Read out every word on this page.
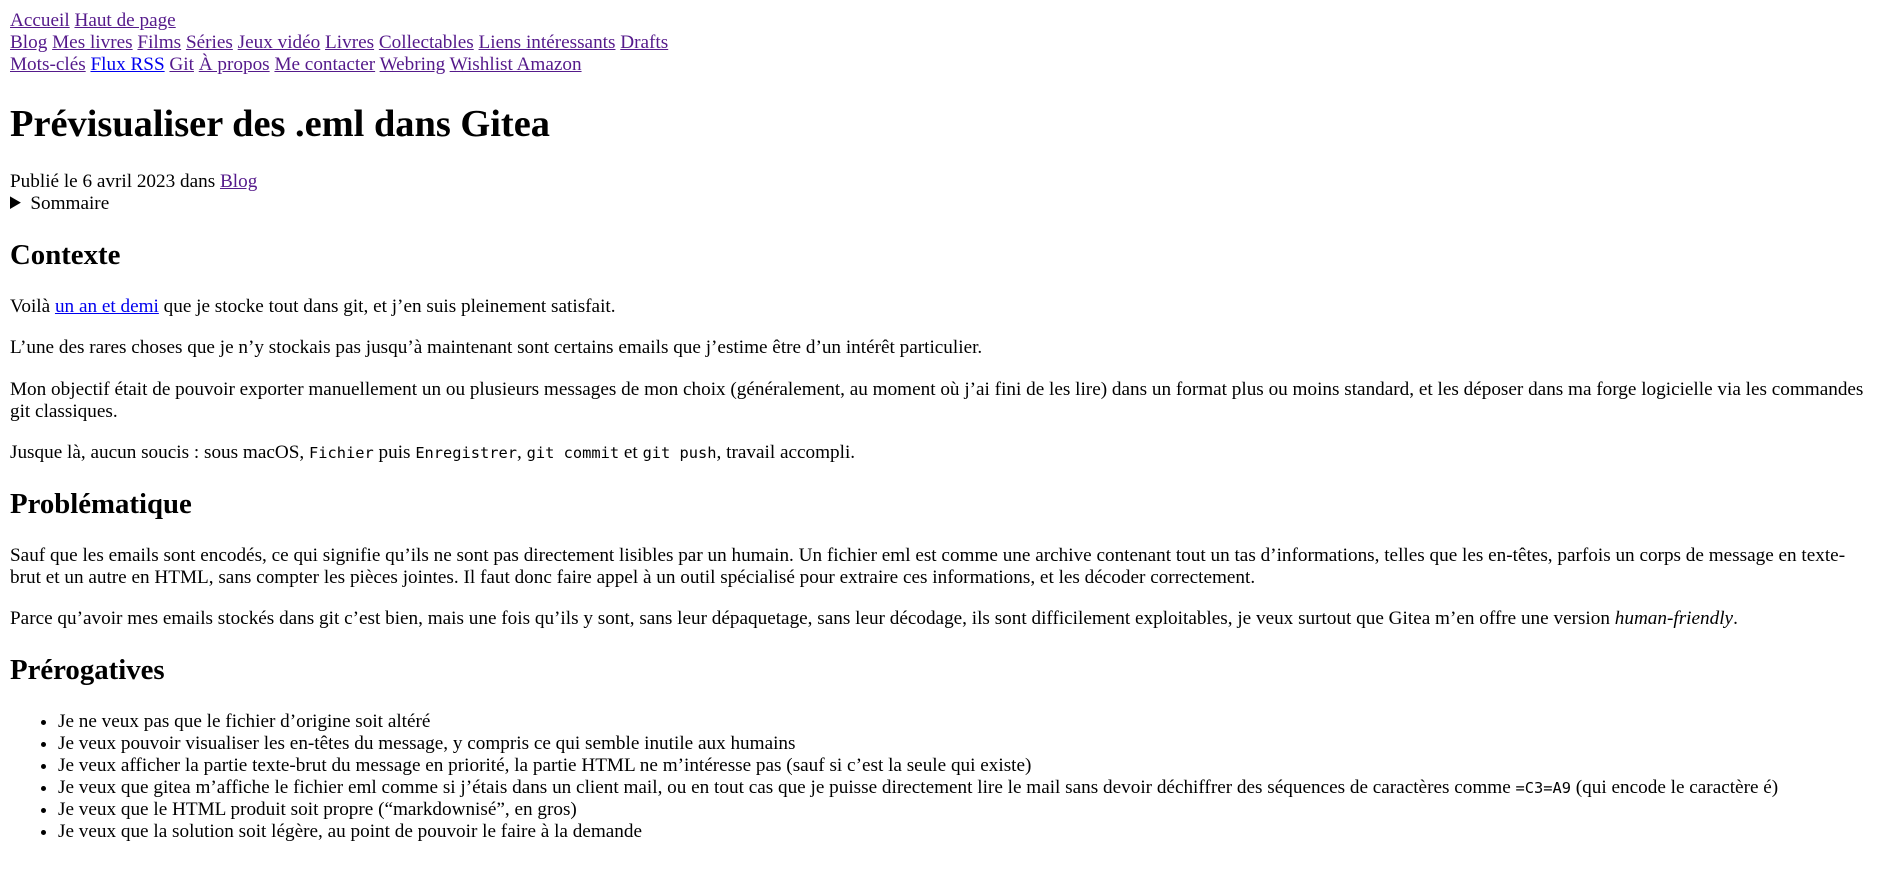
Accueil Haut de page
Blog Mes livres Films Séries Jeux vidéo Livres Collectables Liens intéressants Drafts
Mots-clés Flux RSS Git À propos Me contacter Webring Wishlist Amazon
Prévisualiser des .eml dans Gitea

Publié le 6 avril 2023 dans Blog

Sommaire
Contexte

Voilà un an et demi que je stocke tout dans git, et j’en suis pleinement satisfait.

L’une des rares choses que je n’y stockais pas jusqu’à maintenant sont certains emails que j’estime être d’un intérêt particulier.

Mon objectif était de pouvoir exporter manuellement un ou plusieurs messages de mon choix (généralement, au moment où j’ai fini de les lire) dans un format plus ou moins standard, et les déposer dans ma forge logicielle via les commandes git classiques.

Jusque là, aucun soucis : sous macOS, Fichier puis Enregistrer, git commit et git push, travail accompli.

Problématique

Sauf que les emails sont encodés, ce qui signifie qu’ils ne sont pas directement lisibles par un humain. Un fichier eml est comme une archive contenant tout un tas d’informations, telles que les en-têtes, parfois un corps de message en texte-brut et un autre en HTML, sans compter les pièces jointes. Il faut donc faire appel à un outil spécialisé pour extraire ces informations, et les décoder correctement.

Parce qu’avoir mes emails stockés dans git c’est bien, mais une fois qu’ils y sont, sans leur dépaquetage, sans leur décodage, ils sont difficilement exploitables, je veux surtout que Gitea m’en offre une version human-friendly.

Prérogatives
• Je ne veux pas que le fichier d’origine soit altéré
• Je veux pouvoir visualiser les en-têtes du message, y compris ce qui semble inutile aux humains
• Je veux afficher la partie texte-brut du message en priorité, la partie HTML ne m’intéresse pas (sauf si c’est la seule qui existe)
• Je veux que gitea m’affiche le fichier eml comme si j’étais dans un client mail, ou en tout cas que je puisse directement lire le mail sans devoir déchiffrer des séquences de caractères comme =C3=A9 (qui encode le caractère é)
• Je veux que le HTML produit soit propre (“markdownisé”, en gros)
• Je veux que la solution soit légère, au point de pouvoir le faire à la demande
